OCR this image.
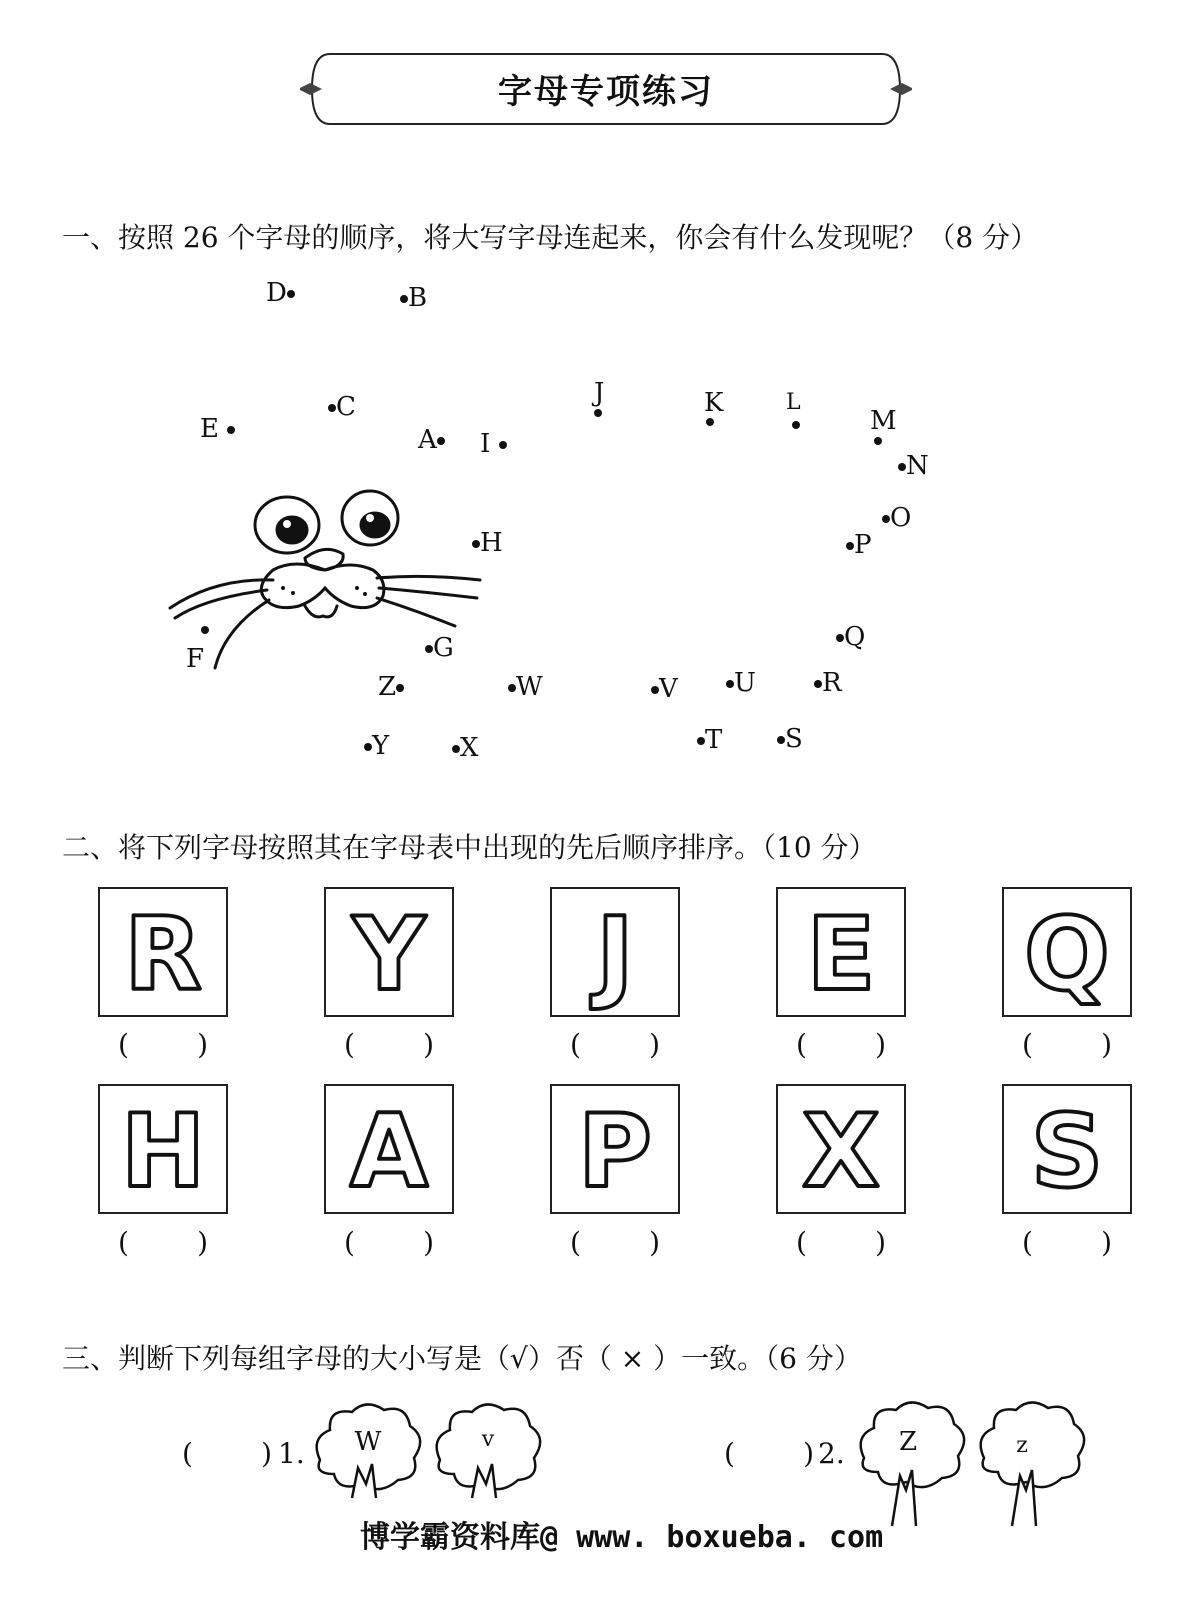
字母专项练习
一、按照 26 个字母的顺序，将大写字母连起来，你会有什么发现呢？（8 分）
D	B
C
E	A	I
J	K	L
M
N
O
P
H
Q
F	G
Z	W	V	U	R
Y	X	T	S
二、将下列字母按照其在字母表中出现的先后顺序排序。（10 分）
R Y J E Q
( )	( )	( )	( )	( )
H A P X S
( )	( )	( )	( )	( )
三、判断下列每组字母的大小写是（√）否（ × ）一致。（6 分）
( ) 1. W	v	( ) 2. Z	z
博学霸资料库@ www. boxueba. com
